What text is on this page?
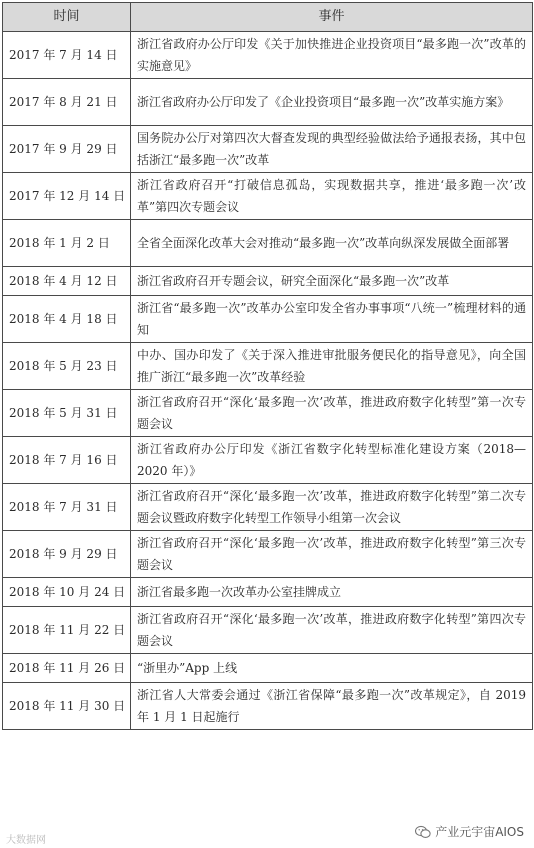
时间	事件
2017 年 7 月 14 日	浙江省政府办公厅印发《关于加快推进企业投资项目“最多跑一次”改革的实施意见》
2017 年 8 月 21 日	浙江省政府办公厅印发了《企业投资项目“最多跑一次”改革实施方案》
2017 年 9 月 29 日	国务院办公厅对第四次大督查发现的典型经验做法给予通报表扬，其中包括浙江“最多跑一次”改革
2017 年 12 月 14 日	浙江省政府召开“打破信息孤岛，实现数据共享，推进‘最多跑一次’改革”第四次专题会议
2018 年 1 月 2 日	全省全面深化改革大会对推动“最多跑一次”改革向纵深发展做全面部署
2018 年 4 月 12 日	浙江省政府召开专题会议，研究全面深化“最多跑一次”改革
2018 年 4 月 18 日	浙江省“最多跑一次”改革办公室印发全省办事事项“八统一”梳理材料的通知
2018 年 5 月 23 日	中办、国办印发了《关于深入推进审批服务便民化的指导意见》，向全国推广浙江“最多跑一次”改革经验
2018 年 5 月 31 日	浙江省政府召开“深化‘最多跑一次’改革，推进政府数字化转型”第一次专题会议
2018 年 7 月 16 日	浙江省政府办公厅印发《浙江省数字化转型标准化建设方案（2018—2020 年）》
2018 年 7 月 31 日	浙江省政府召开“深化‘最多跑一次’改革，推进政府数字化转型”第二次专题会议暨政府数字化转型工作领导小组第一次会议
2018 年 9 月 29 日	浙江省政府召开“深化‘最多跑一次’改革，推进政府数字化转型”第三次专题会议
2018 年 10 月 24 日	浙江省最多跑一次改革办公室挂牌成立
2018 年 11 月 22 日	浙江省政府召开“深化‘最多跑一次’改革，推进政府数字化转型”第四次专题会议
2018 年 11 月 26 日	“浙里办”App 上线
2018 年 11 月 30 日	浙江省人大常委会通过《浙江省保障“最多跑一次”改革规定》，自 2019 年 1 月 1 日起施行
大数据网
产业元宇宙AIOS
